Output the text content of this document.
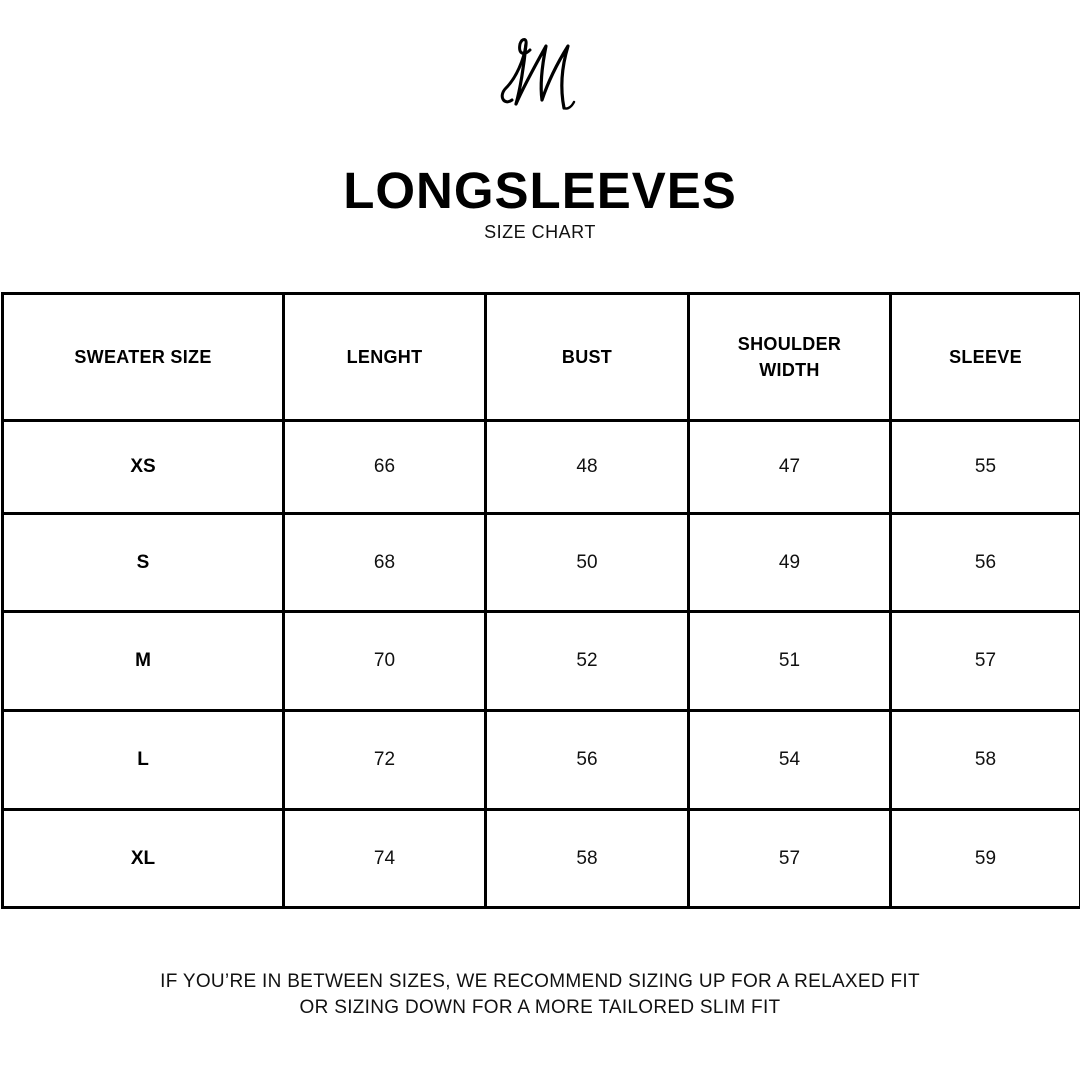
LONGSLEEVES
SIZE CHART
SWEATER SIZE	LENGHT	BUST	SHOULDER WIDTH	SLEEVE
XS	66	48	47	55
S	68	50	49	56
M	70	52	51	57
L	72	56	54	58
XL	74	58	57	59
IF YOU’RE IN BETWEEN SIZES, WE RECOMMEND SIZING UP FOR A RELAXED FIT
OR SIZING DOWN FOR A MORE TAILORED SLIM FIT
